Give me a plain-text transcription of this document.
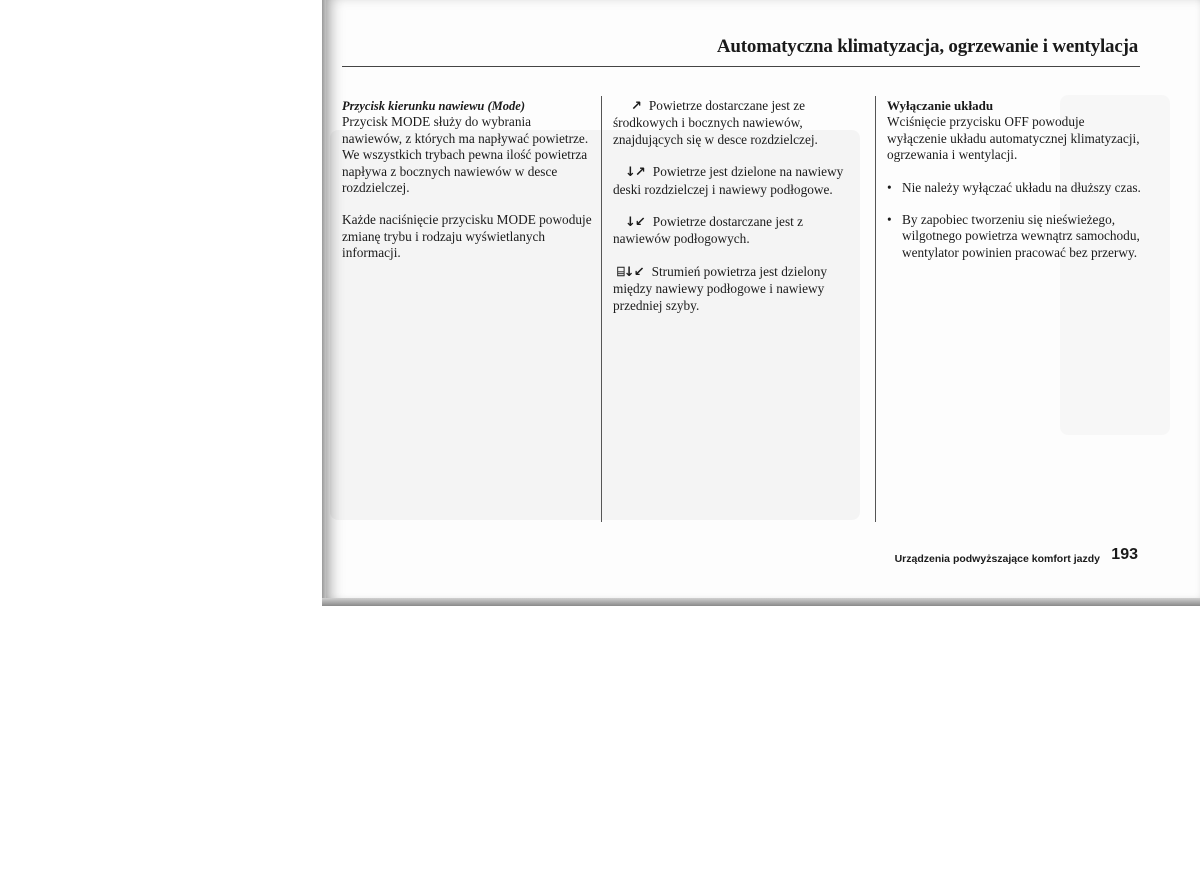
Automatyczna klimatyzacja, ogrzewanie i wentylacja

Przycisk kierunku nawiewu (Mode)

Przycisk MODE służy do wybrania nawiewów, z których ma napływać powietrze. We wszystkich trybach pewna ilość powietrza napływa z bocznych nawiewów w desce rozdzielczej.

Każde naciśnięcie przycisku MODE powoduje zmianę trybu i rodzaju wyświetlanych informacji.

↗ Powietrze dostarczane jest ze środkowych i bocznych nawiewów, znajdujących się w desce rozdzielczej.

↓↗ Powietrze jest dzielone na nawiewy deski rozdzielczej i nawiewy podłogowe.

↓↙ Powietrze dostarczane jest z nawiewów podłogowych.

⌸↓↙ Strumień powietrza jest dzielony między nawiewy podłogowe i nawiewy przedniej szyby.

Wyłączanie układu

Wciśnięcie przycisku OFF powoduje wyłączenie układu automatycznej klimatyzacji, ogrzewania i wentylacji.

• Nie należy wyłączać układu na dłuższy czas.
• By zapobiec tworzeniu się nieświeżego, wilgotnego powietrza wewnątrz samochodu, wentylator powinien pracować bez przerwy.
Urządzenia podwyższające komfort jazdy 193
